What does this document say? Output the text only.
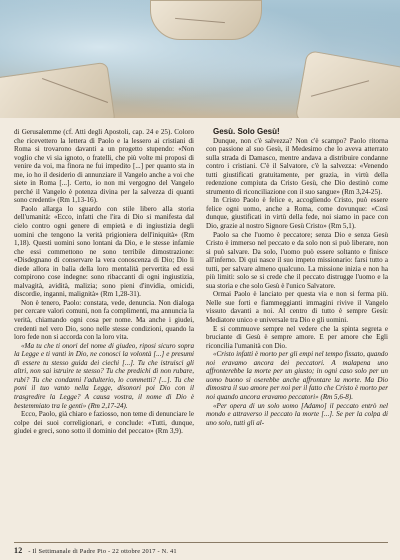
di Gerusalemme (cf. Atti degli Apostoli, cap. 24 e 25). Coloro che ricevettero la lettera di Paolo e la lessero ai cristiani di Roma si trovarono davanti a un progetto stupendo: «Non voglio che vi sia ignoto, o fratelli, che più volte mi proposi di venire da voi, ma finora ne fui impedito [...] per quanto sta in me, io ho il desiderio di annunziare il Vangelo anche a voi che siete in Roma [...]. Certo, io non mi vergogno del Vangelo perché il Vangelo è potenza divina per la salvezza di quanti sono credenti» (Rm 1,13-16).

Paolo allarga lo sguardo con stile libero alla storia dell'umanità: «Ecco, infatti che l'ira di Dio si manifesta dal cielo contro ogni genere di empietà e di ingiustizia degli uomini che tengono la verità prigioniera dell'iniquità» (Rm 1,18). Questi uomini sono lontani da Dio, e le stesse infamie che essi commettono ne sono terribile dimostrazione: «Disdegnano di conservare la vera conoscenza di Dio; Dio li diede allora in balìa della loro mentalità pervertita ed essi compirono cose indegne: sono ribaccanti di ogni ingiustizia, malvagità, avidità, malizia; sono pieni d'invidia, omicidi, discordie, inganni, malignità» (Rm 1,28-31).

Non è tenero, Paolo: constata, vede, denuncia. Non dialoga per cercare valori comuni, non fa complimenti, ma annuncia la verità, chiamando ogni cosa per nome. Ma anche i giudei, credenti nel vero Dio, sono nelle stesse condizioni, quando la loro fede non si accorda con la loro vita.

«Ma tu che ti onori del nome di giudeo, riposi sicuro sopra la Legge e ti vanti in Dio, ne conosci la volontà [...] e presumi di essere tu stesso guida dei ciechi [...]. Tu che istruisci gli altri, non sai istruire te stesso? Tu che predichi di non rubare, rubi? Tu che condanni l'adulterio, lo commetti? [...]. Tu che poni il tuo vanto nella Legge, disonori poi Dio con il trasgredire la Legge? A causa vostra, il nome di Dio è bestemmiato tra le genti» (Rm 2,17-24).

Ecco, Paolo, già chiaro e faziosso, non teme di denunciare le colpe dei suoi correligionari, e conclude: «Tutti, dunque, giudei e greci, sono sotto il dominio del peccato» (Rm 3,9).

Gesù. Solo Gesù!

Dunque, non c'è salvezza? Non c'è scampo? Paolo ritorna con passione al suo Gesù, il Medesimo che lo aveva atterrato sulla strada di Damasco, mentre andava a distribuire condanne contro i cristiani. C'è il Salvatore, c'è la salvezza: «Venendo tutti giustificati gratuitamente, per grazia, in virtù della redenzione compiuta da Cristo Gesù, che Dio destinò come strumento di riconciliazione con il suo sangue» (Rm 3,24-25).

In Cristo Paolo è felice e, accogliendo Cristo, può essere felice ogni uomo, anche a Roma, come dovunque: «Così dunque, giustificati in virtù della fede, noi siamo in pace con Dio, grazie al nostro Signore Gesù Cristo» (Rm 5,1).

Paolo sa che l'uomo è peccatore; senza Dio e senza Gesù Cristo è immerso nel peccato e da solo non si può liberare, non si può salvare. Da solo, l'uomo può essere soltanto e finisce all'inferno. Di qui nasce il suo impeto missionario: farsi tutto a tutti, per salvare almeno qualcuno. La missione inizia e non ha più limiti: solo se si crede che il peccato distrugge l'uomo e la sua storia e che solo Gesù è l'unico Salvatore.

Ormai Paolo è lanciato per questa via e non si ferma più. Nelle sue forti e fiammeggianti immagini rivive il Vangelo vissuto davanti a noi. Al centro di tutto è sempre Gesù: Mediatore unico e universale tra Dio e gli uomini.

E si commuove sempre nel vedere che la spinta segreta e bruciante di Gesù è sempre amore. E per amore che Egli riconcilia l'umanità con Dio.

«Cristo infatti è morto per gli empi nel tempo fissato, quando noi eravamo ancora dei peccatori. A malapena uno affronterebbe la morte per un giusto; in ogni caso solo per un uomo buono si oserebbe anche affrontare la morte. Ma Dio dimostra il suo amore per noi per il fatto che Cristo è morto per noi quando ancora eravamo peccatori» (Rm 5,6-8).

«Per opera di un solo uomo [Adamo] il peccato entrò nel mondo e attraverso il peccato la morte [...]. Se per la colpa di uno solo, tutti gli al-

12 - Il Settimanale di Padre Pio - 22 ottobre 2017 - N. 41
